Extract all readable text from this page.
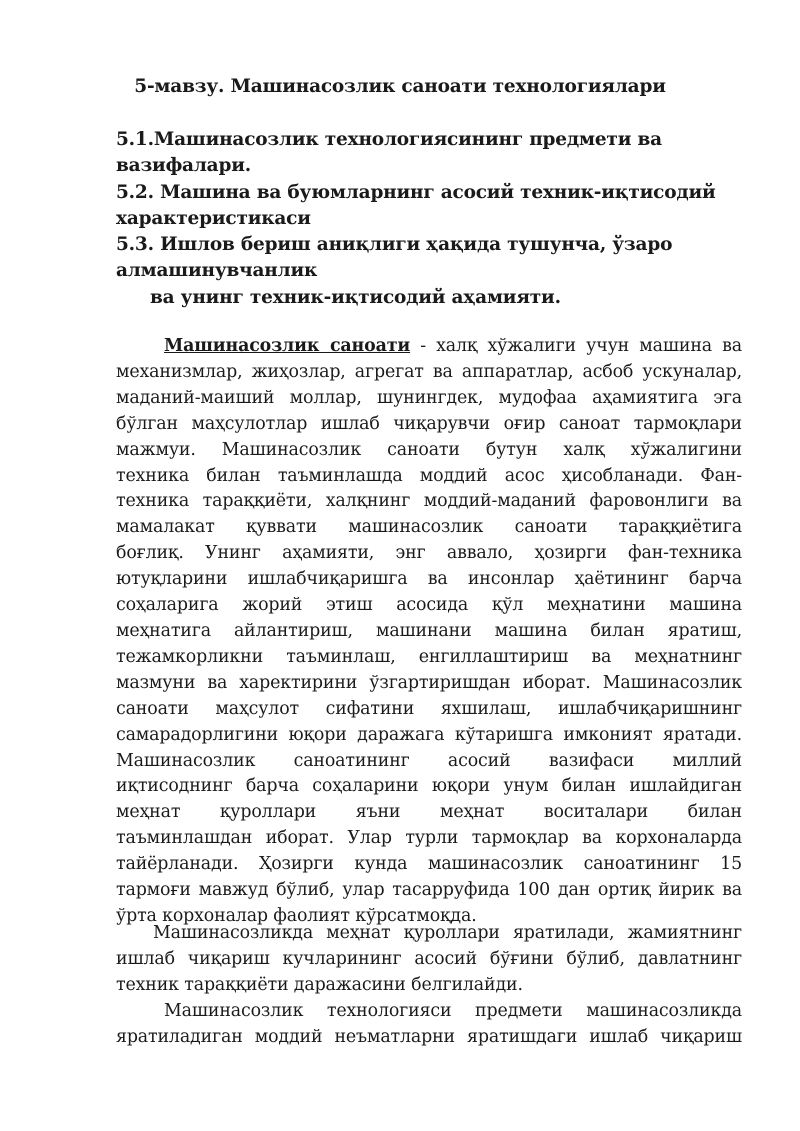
5-мавзу. Машинасозлик саноати технологиялари
5.1.Машинасозлик технологиясининг предмети ва
вазифалари.
5.2. Машина ва буюмларнинг асосий техник-иқтисодий
характеристикаси
5.3. Ишлов бериш аниқлиги ҳақида тушунча, ўзаро
алмашинувчанлик
ва унинг техник-иқтисодий аҳамияти.
Машинасозлик саноати - халқ хўжалиги учун машина ва
механизмлар, жиҳозлар, агрегат ва аппаратлар, асбоб ускуналар,
маданий-маиший моллар, шунингдек, мудофаа аҳамиятига эга
бўлган маҳсулотлар ишлаб чиқарувчи оғир саноат тармоқлари
мажмуи. Машинасозлик саноати бутун халқ хўжалигини
техника билан таъминлашда моддий асос ҳисобланади. Фан-
техника тараққиёти, халқнинг моддий-маданий фаровонлиги ва
мамалакат қуввати машинасозлик саноати тараққиётига
боғлиқ. Унинг аҳамияти, энг аввало, ҳозирги фан-техника
ютуқларини ишлабчиқаришга ва инсонлар ҳаётининг барча
соҳаларига жорий этиш асосида қўл меҳнатини машина
меҳнатига айлантириш, машинани машина билан яратиш,
тежамкорликни таъминлаш, енгиллаштириш ва меҳнатнинг
мазмуни ва харектирини ўзгартиришдан иборат. Машинасозлик
саноати маҳсулот сифатини яхшилаш, ишлабчиқаришнинг
самарадорлигини юқори даражага кўтаришга имконият яратади.
Машинасозлик саноатининг асосий вазифаси миллий
иқтисоднинг барча соҳаларини юқори унум билан ишлайдиган
меҳнат қуроллари яъни меҳнат воситалари билан
таъминлашдан иборат. Улар турли тармоқлар ва корхоналарда
тайёрланади. Ҳозирги кунда машинасозлик саноатининг 15
тармоғи мавжуд бўлиб, улар тасарруфида 100 дан ортиқ йирик ва
ўрта корхоналар фаолият кўрсатмоқда.
Машинасозликда меҳнат қуроллари яратилади, жамиятнинг
ишлаб чиқариш кучларининг асосий бўғини бўлиб, давлатнинг
техник тараққиёти даражасини белгилайди.
Машинасозлик технологияси предмети машинасозликда
яратиладиган моддий неъматларни яратишдаги ишлаб чиқариш
